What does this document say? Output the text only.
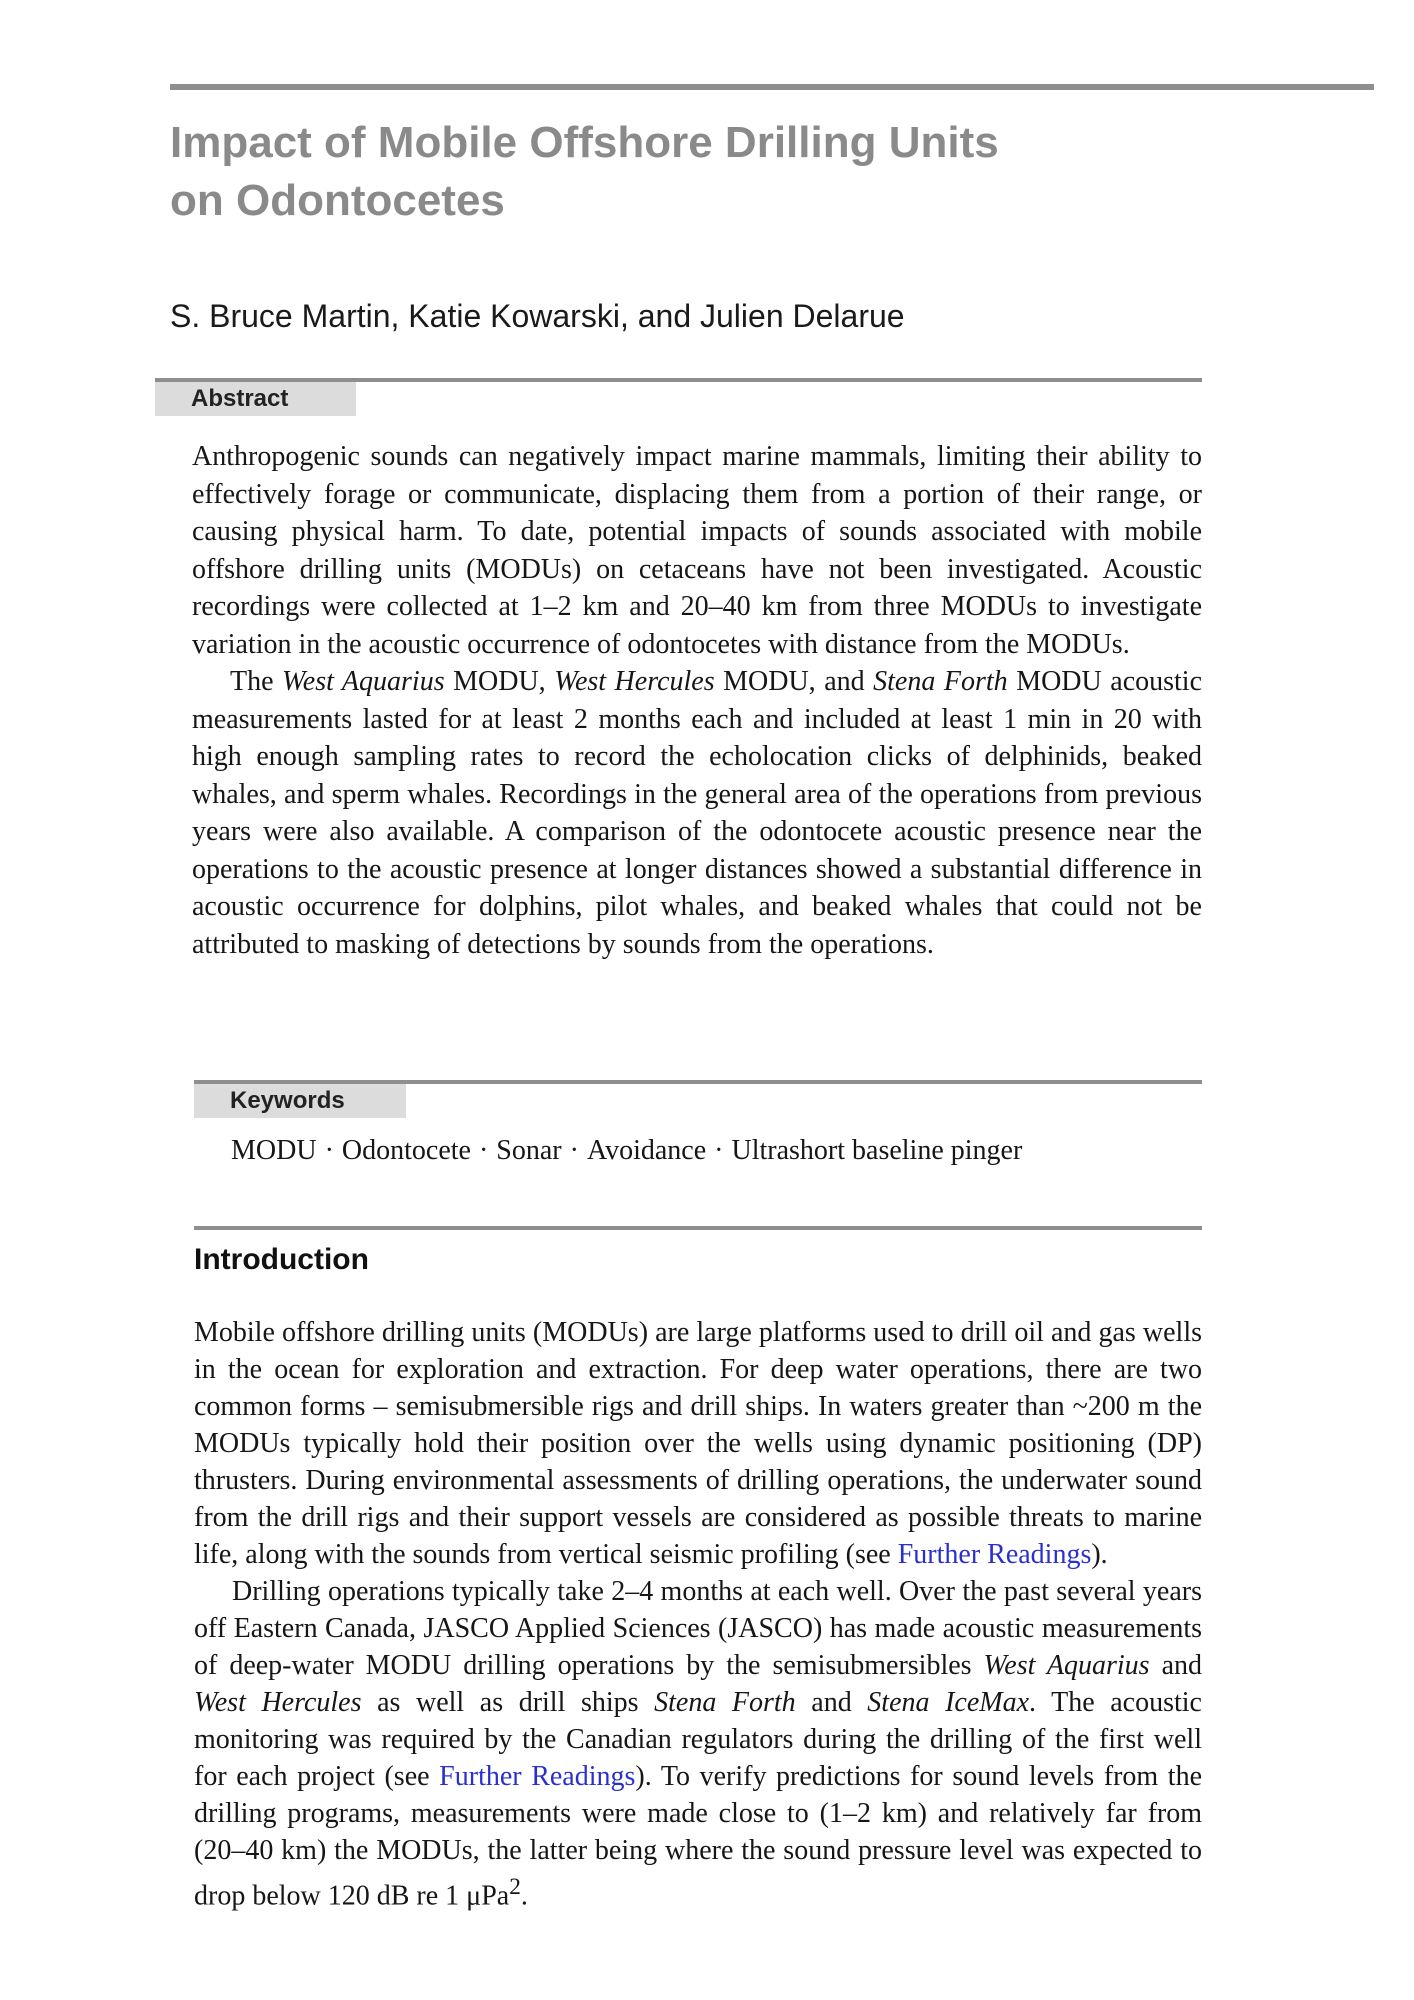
Impact of Mobile Offshore Drilling Units
on Odontocetes

S. Bruce Martin, Katie Kowarski, and Julien Delarue

Abstract

Anthropogenic sounds can negatively impact marine mammals, limiting their ability to effectively forage or communicate, displacing them from a portion of their range, or causing physical harm. To date, potential impacts of sounds associated with mobile offshore drilling units (MODUs) on cetaceans have not been investigated. Acoustic recordings were collected at 1–2 km and 20–40 km from three MODUs to investigate variation in the acoustic occurrence of odontocetes with distance from the MODUs.

The West Aquarius MODU, West Hercules MODU, and Stena Forth MODU acoustic measurements lasted for at least 2 months each and included at least 1 min in 20 with high enough sampling rates to record the echolocation clicks of delphinids, beaked whales, and sperm whales. Recordings in the general area of the operations from previous years were also available. A comparison of the odontocete acoustic presence near the operations to the acoustic presence at longer distances showed a substantial difference in acoustic occurrence for dolphins, pilot whales, and beaked whales that could not be attributed to masking of detections by sounds from the operations.

Keywords
MODU · Odontocete · Sonar · Avoidance · Ultrashort baseline pinger
Introduction

Mobile offshore drilling units (MODUs) are large platforms used to drill oil and gas wells in the ocean for exploration and extraction. For deep water operations, there are two common forms – semisubmersible rigs and drill ships. In waters greater than ~200 m the MODUs typically hold their position over the wells using dynamic positioning (DP) thrusters. During environmental assessments of drilling operations, the underwater sound from the drill rigs and their support vessels are considered as possible threats to marine life, along with the sounds from vertical seismic profiling (see Further Readings).

Drilling operations typically take 2–4 months at each well. Over the past several years off Eastern Canada, JASCO Applied Sciences (JASCO) has made acoustic measurements of deep-water MODU drilling operations by the semisubmersibles West Aquarius and West Hercules as well as drill ships Stena Forth and Stena IceMax. The acoustic monitoring was required by the Canadian regulators during the drilling of the first well for each project (see Further Readings). To verify predictions for sound levels from the drilling programs, measurements were made close to (1–2 km) and relatively far from (20–40 km) the MODUs, the latter being where the sound pressure level was expected to drop below 120 dB re 1 μPa$^2$.
